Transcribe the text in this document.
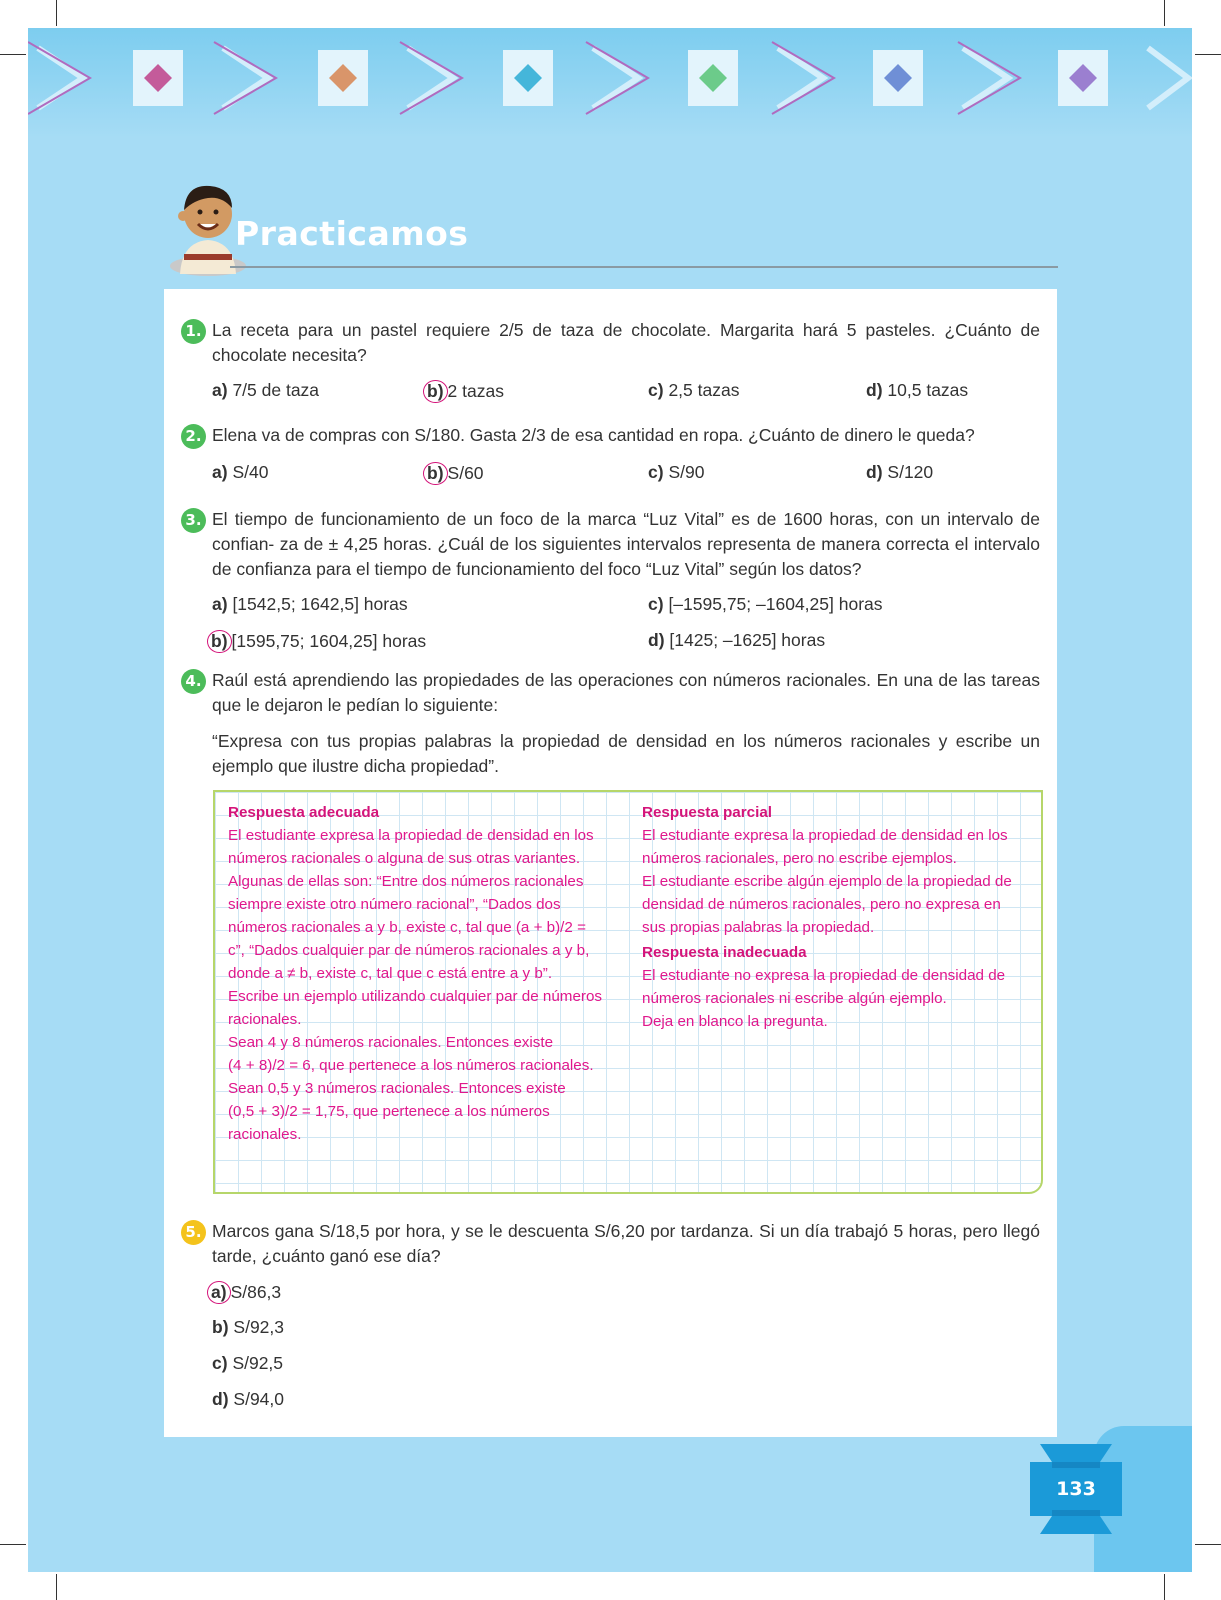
Practicamos
1. La receta para un pastel requiere 2/5 de taza de chocolate. Margarita hará 5 pasteles. ¿Cuánto de chocolate necesita?
a) 7/5 de taza	b) 2 tazas	c) 2,5 tazas	d) 10,5 tazas
2. Elena va de compras con S/180. Gasta 2/3 de esa cantidad en ropa. ¿Cuánto de dinero le queda?
a) S/40	b) S/60	c) S/90	d) S/120
3. El tiempo de funcionamiento de un foco de la marca “Luz Vital” es de 1600 horas, con un intervalo de confian- za de ± 4,25 horas. ¿Cuál de los siguientes intervalos representa de manera correcta el intervalo de confianza para el tiempo de funcionamiento del foco “Luz Vital” según los datos?
a) [1542,5; 1642,5] horas
b) [1595,75; 1604,25] horas
c) [–1595,75; –1604,25] horas
d) [1425; –1625] horas
4. Raúl está aprendiendo las propiedades de las operaciones con números racionales. En una de las tareas que le dejaron le pedían lo siguiente:
“Expresa con tus propias palabras la propiedad de densidad en los números racionales y escribe un ejemplo que ilustre dicha propiedad”.
Respuesta adecuada
El estudiante expresa la propiedad de densidad en los
números racionales o alguna de sus otras variantes.
Algunas de ellas son: “Entre dos números racionales
siempre existe otro número racional”, “Dados dos
números racionales a y b, existe c, tal que (a + b)/2 =
c”, “Dados cualquier par de números racionales a y b,
donde a ≠ b, existe c, tal que c está entre a y b”.
Escribe un ejemplo utilizando cualquier par de números
racionales.
Sean 4 y 8 números racionales. Entonces existe
(4 + 8)/2 = 6, que pertenece a los números racionales.
Sean 0,5 y 3 números racionales. Entonces existe
(0,5 + 3)/2 = 1,75, que pertenece a los números
racionales.
Respuesta parcial
El estudiante expresa la propiedad de densidad en los
números racionales, pero no escribe ejemplos.
El estudiante escribe algún ejemplo de la propiedad de
densidad de números racionales, pero no expresa en
sus propias palabras la propiedad.
Respuesta inadecuada
El estudiante no expresa la propiedad de densidad de
números racionales ni escribe algún ejemplo.
Deja en blanco la pregunta.
5. Marcos gana S/18,5 por hora, y se le descuenta S/6,20 por tardanza. Si un día trabajó 5 horas, pero llegó tarde, ¿cuánto ganó ese día?
a) S/86,3
b) S/92,3
c) S/92,5
d) S/94,0
133
